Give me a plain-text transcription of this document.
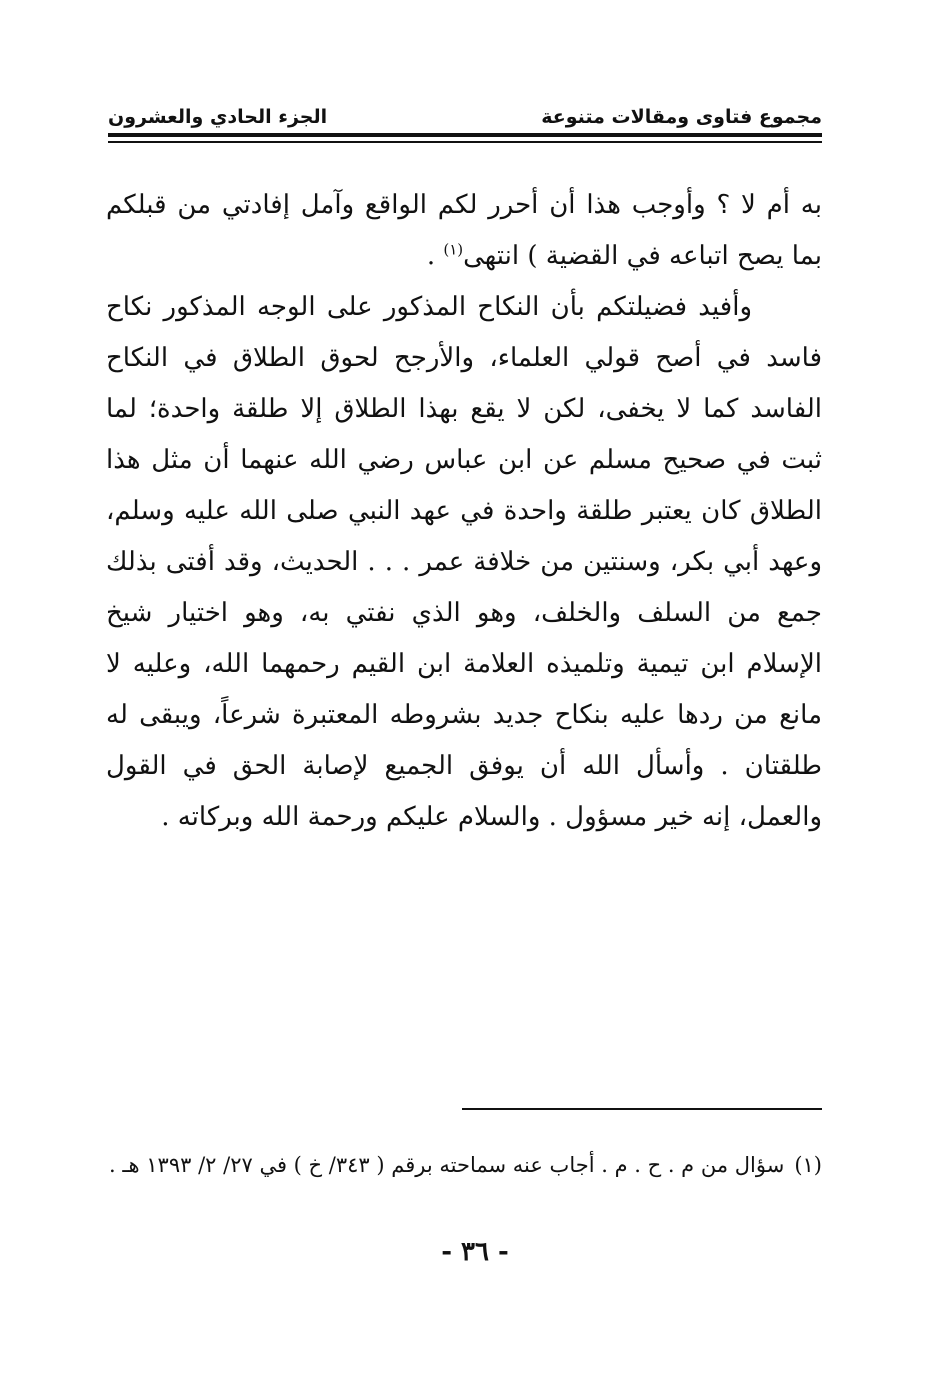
مجموع فتاوى ومقالات متنوعة
الجزء الحادي والعشرون

به أم لا ؟ وأوجب هذا أن أحرر لكم الواقع وآمل إفادتي من قبلكم بما يصح اتباعه في القضية ) انتهى$^{(١)}$ .

وأفيد فضيلتكم بأن النكاح المذكور على الوجه المذكور نكاح فاسد في أصح قولي العلماء، والأرجح لحوق الطلاق في النكاح الفاسد كما لا يخفى، لكن لا يقع بهذا الطلاق إلا طلقة واحدة؛ لما ثبت في صحيح مسلم عن ابن عباس رضي الله عنهما أن مثل هذا الطلاق كان يعتبر طلقة واحدة في عهد النبي صلى الله عليه وسلم، وعهد أبي بكر، وسنتين من خلافة عمر . . . الحديث، وقد أفتى بذلك جمع من السلف والخلف، وهو الذي نفتي به، وهو اختيار شيخ الإسلام ابن تيمية وتلميذه العلامة ابن القيم رحمهما الله، وعليه لا مانع من ردها عليه بنكاح جديد بشروطه المعتبرة شرعاً، ويبقى له طلقتان . وأسأل الله أن يوفق الجميع لإصابة الحق في القول والعمل، إنه خير مسؤول . والسلام عليكم ورحمة الله وبركاته .

(١)سؤال من م . ح . م . أجاب عنه سماحته برقم ( ٣٤٣/ خ ) في ٢٧/ ٢/ ١٣٩٣ هـ .
- ٣٦ -
